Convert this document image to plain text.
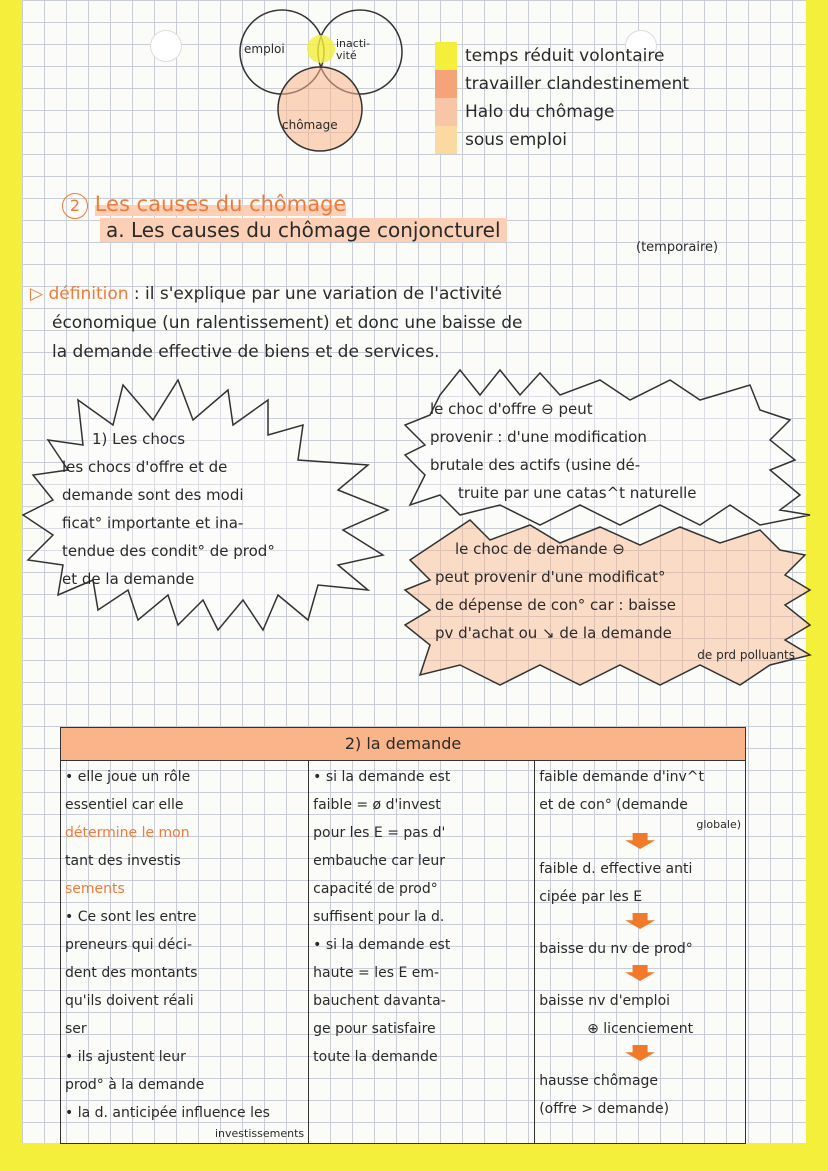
emploi	inacti-
vité
chômage
temps réduit volontaire
travailler clandestinement
Halo du chômage
sous emploi
2 Les causes du chômage
a. Les causes du chômage conjoncturel
(temporaire)
▷ définition : il s'explique par une variation de l'activité
économique (un ralentissement) et donc une baisse de
la demande effective de biens et de services.
1) Les chocs
les chocs d'offre et de
demande sont des modi
ficat° importante et ina-
tendue des condit° de prod°
et de la demande
le choc d'offre ⊖ peut
provenir : d'une modification
brutale des actifs (usine dé-
truite par une catas^t naturelle
le choc de demande ⊖
peut provenir d'une modificat°
de dépense de con° car : baisse
pv d'achat ou ↘ de la demande
de prd polluants
2) la demande

• elle joue un rôle
essentiel car elle
détermine le mon
tant des investis
sements
• Ce sont les entre
preneurs qui déci-
dent des montants
qu'ils doivent réali
ser
• ils ajustent leur
prod° à la demande
• la d. anticipée influence les
investissements

• si la demande est
faible = ø d'invest
pour les E = pas d'
embauche car leur
capacité de prod°
suffisent pour la d.
• si la demande est
haute = les E em-
bauchent davanta-
ge pour satisfaire
toute la demande

faible demande d'inv^t
et de con° (demande
globale)
faible d. effective anti
cipée par les E
baisse du nv de prod°
baisse nv d'emploi
⊕ licenciement
hausse chômage
(offre > demande)
